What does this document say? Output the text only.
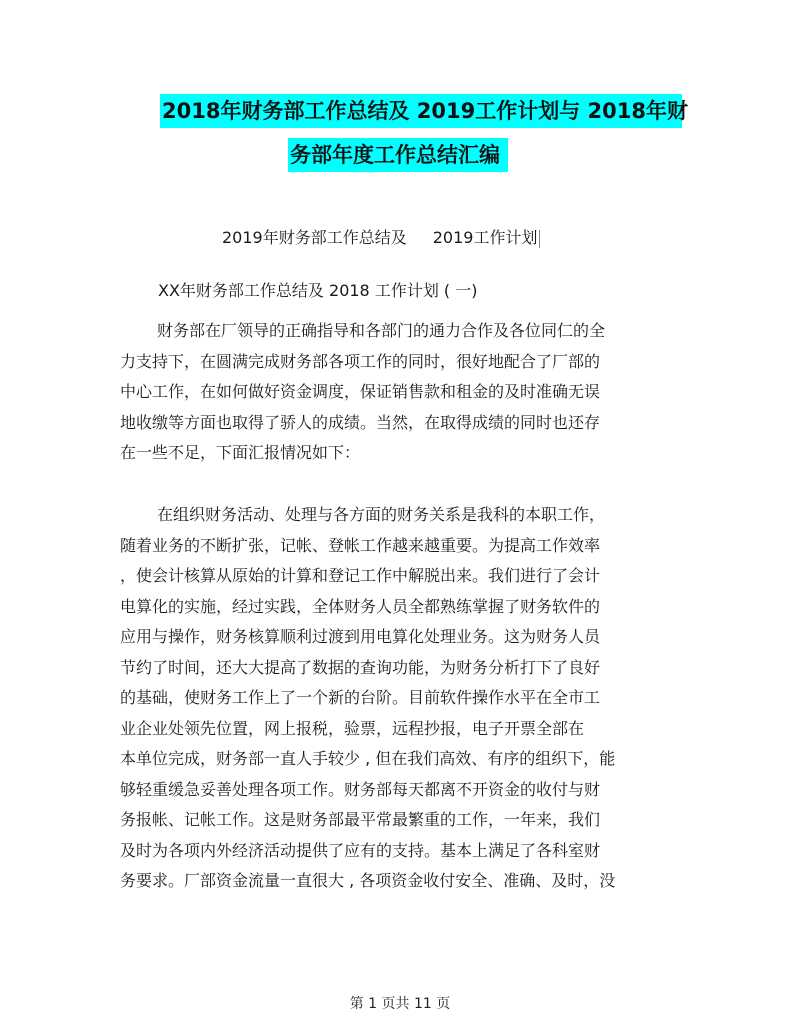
2018年财务部工作总结及 2019工作计划与 2018年财
务部年度工作总结汇编
2019年财务部工作总结及 2019工作计划
XX年财务部工作总结及 2018 工作计划 ( 一)
财务部在厂领导的正确指导和各部门的通力合作及各位同仁的全
力支持下，在圆满完成财务部各项工作的同时，很好地配合了厂部的
中心工作，在如何做好资金调度，保证销售款和租金的及时准确无误
地收缴等方面也取得了骄人的成绩。当然，在取得成绩的同时也还存
在一些不足，下面汇报情况如下：
在组织财务活动、处理与各方面的财务关系是我科的本职工作，
随着业务的不断扩张，记帐、登帐工作越来越重要。为提高工作效率
，使会计核算从原始的计算和登记工作中解脱出来。我们进行了会计
电算化的实施，经过实践，全体财务人员全都熟练掌握了财务软件的
应用与操作，财务核算顺利过渡到用电算化处理业务。这为财务人员
节约了时间，还大大提高了数据的查询功能，为财务分析打下了良好
的基础，使财务工作上了一个新的台阶。目前软件操作水平在全市工
业企业处领先位置，网上报税，验票，远程抄报，电子开票全部在
本单位完成，财务部一直人手较少 , 但在我们高效、有序的组织下，能
够轻重缓急妥善处理各项工作。财务部每天都离不开资金的收付与财
务报帐、记帐工作。这是财务部最平常最繁重的工作，一年来，我们
及时为各项内外经济活动提供了应有的支持。基本上满足了各科室财
务要求。厂部资金流量一直很大 , 各项资金收付安全、准确、及时，没
第 1 页共 11 页
